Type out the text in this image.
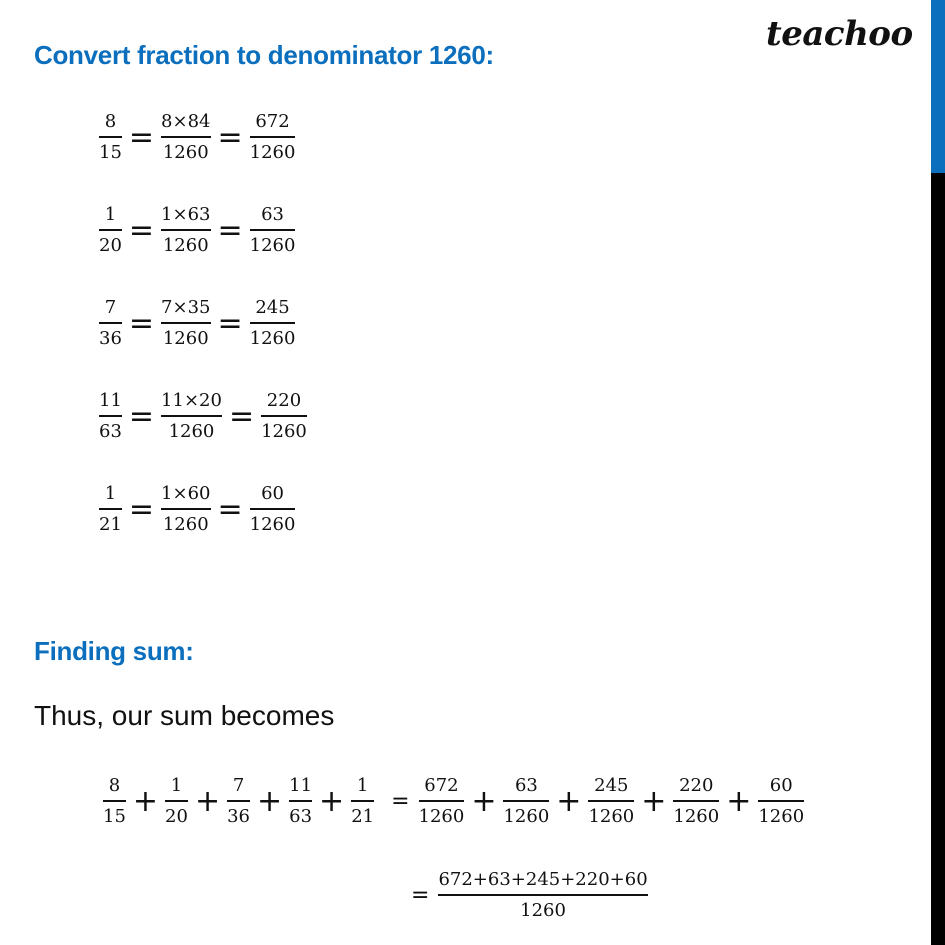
teachoo
Convert fraction to denominator 1260:
$\frac{8}{15} = \frac{8\times 84}{1260} = \frac{672}{1260}$
$\frac{1}{20} = \frac{1\times 63}{1260} = \frac{63}{1260}$
$\frac{7}{36} = \frac{7\times 35}{1260} = \frac{245}{1260}$
$\frac{11}{63} = \frac{11\times 20}{1260} = \frac{220}{1260}$
$\frac{1}{21} = \frac{1\times 60}{1260} = \frac{60}{1260}$
Finding sum:
Thus, our sum becomes
$\frac{8}{15} + \frac{1}{20} + \frac{7}{36} + \frac{11}{63} + \frac{1}{21} = \frac{672}{1260} + \frac{63}{1260} + \frac{245}{1260} + \frac{220}{1260} + \frac{60}{1260}$
= $\frac{672+63+245+220+60}{1260}$
